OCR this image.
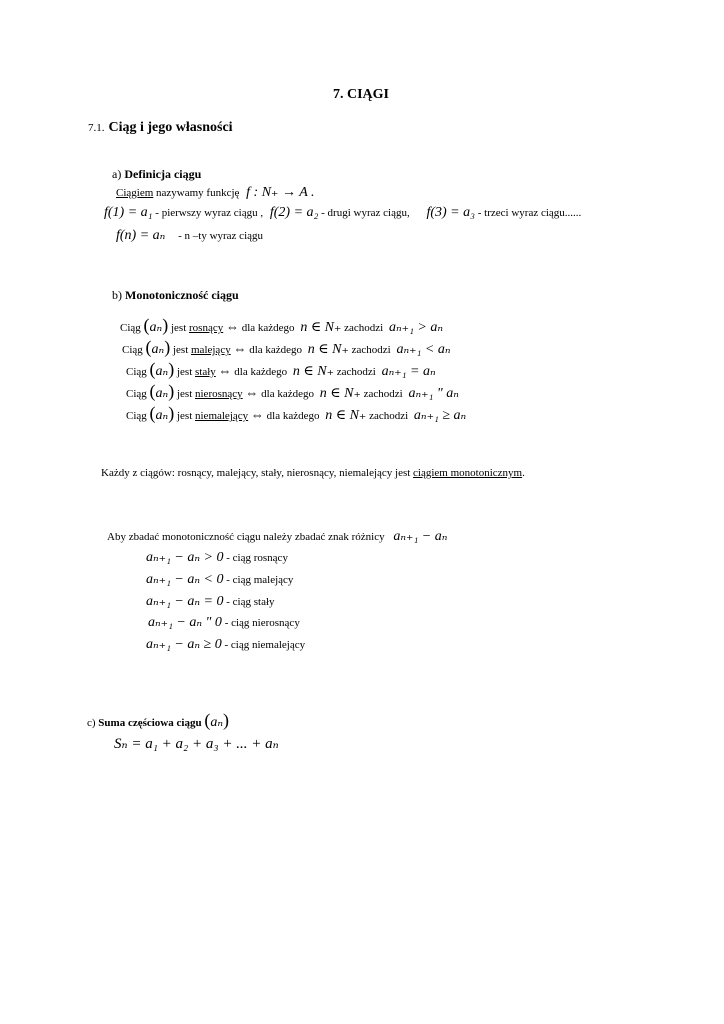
7. CIĄGI
7.1. Ciąg i jego własności
a) Definicja ciągu
Ciągiem nazywamy funkcję f : N₊ → A .
f(1) = a₁ - pierwszy wyraz ciągu , f(2) = a₂ - drugi wyraz ciągu, f(3) = a₃ - trzeci wyraz ciągu......
f(n) = aₙ - n –ty wyraz ciągu
b) Monotoniczność ciągu
Ciąg (aₙ) jest rosnący ⇔ dla każdego n ∈ N₊ zachodzi aₙ₊₁ > aₙ
Ciąg (aₙ) jest malejący ⇔ dla każdego n ∈ N₊ zachodzi aₙ₊₁ < aₙ
Ciąg (aₙ) jest stały ⇔ dla każdego n ∈ N₊ zachodzi aₙ₊₁ = aₙ
Ciąg (aₙ) jest nierosnący ⇔ dla każdego n ∈ N₊ zachodzi aₙ₊₁ " aₙ
Ciąg (aₙ) jest niemalejący ⇔ dla każdego n ∈ N₊ zachodzi aₙ₊₁ ≥ aₙ
Każdy z ciągów: rosnący, malejący, stały, nierosnący, niemalejący jest ciągiem monotonicznym.
Aby zbadać monotoniczność ciągu należy zbadać znak różnicy aₙ₊₁ − aₙ
aₙ₊₁ − aₙ > 0 - ciąg rosnący
aₙ₊₁ − aₙ < 0 - ciąg malejący
aₙ₊₁ − aₙ = 0 - ciąg stały
aₙ₊₁ − aₙ " 0 - ciąg nierosnący
aₙ₊₁ − aₙ ≥ 0 - ciąg niemalejący
c) Suma częściowa ciągu (aₙ)
Sₙ = a₁ + a₂ + a₃ + ... + aₙ
